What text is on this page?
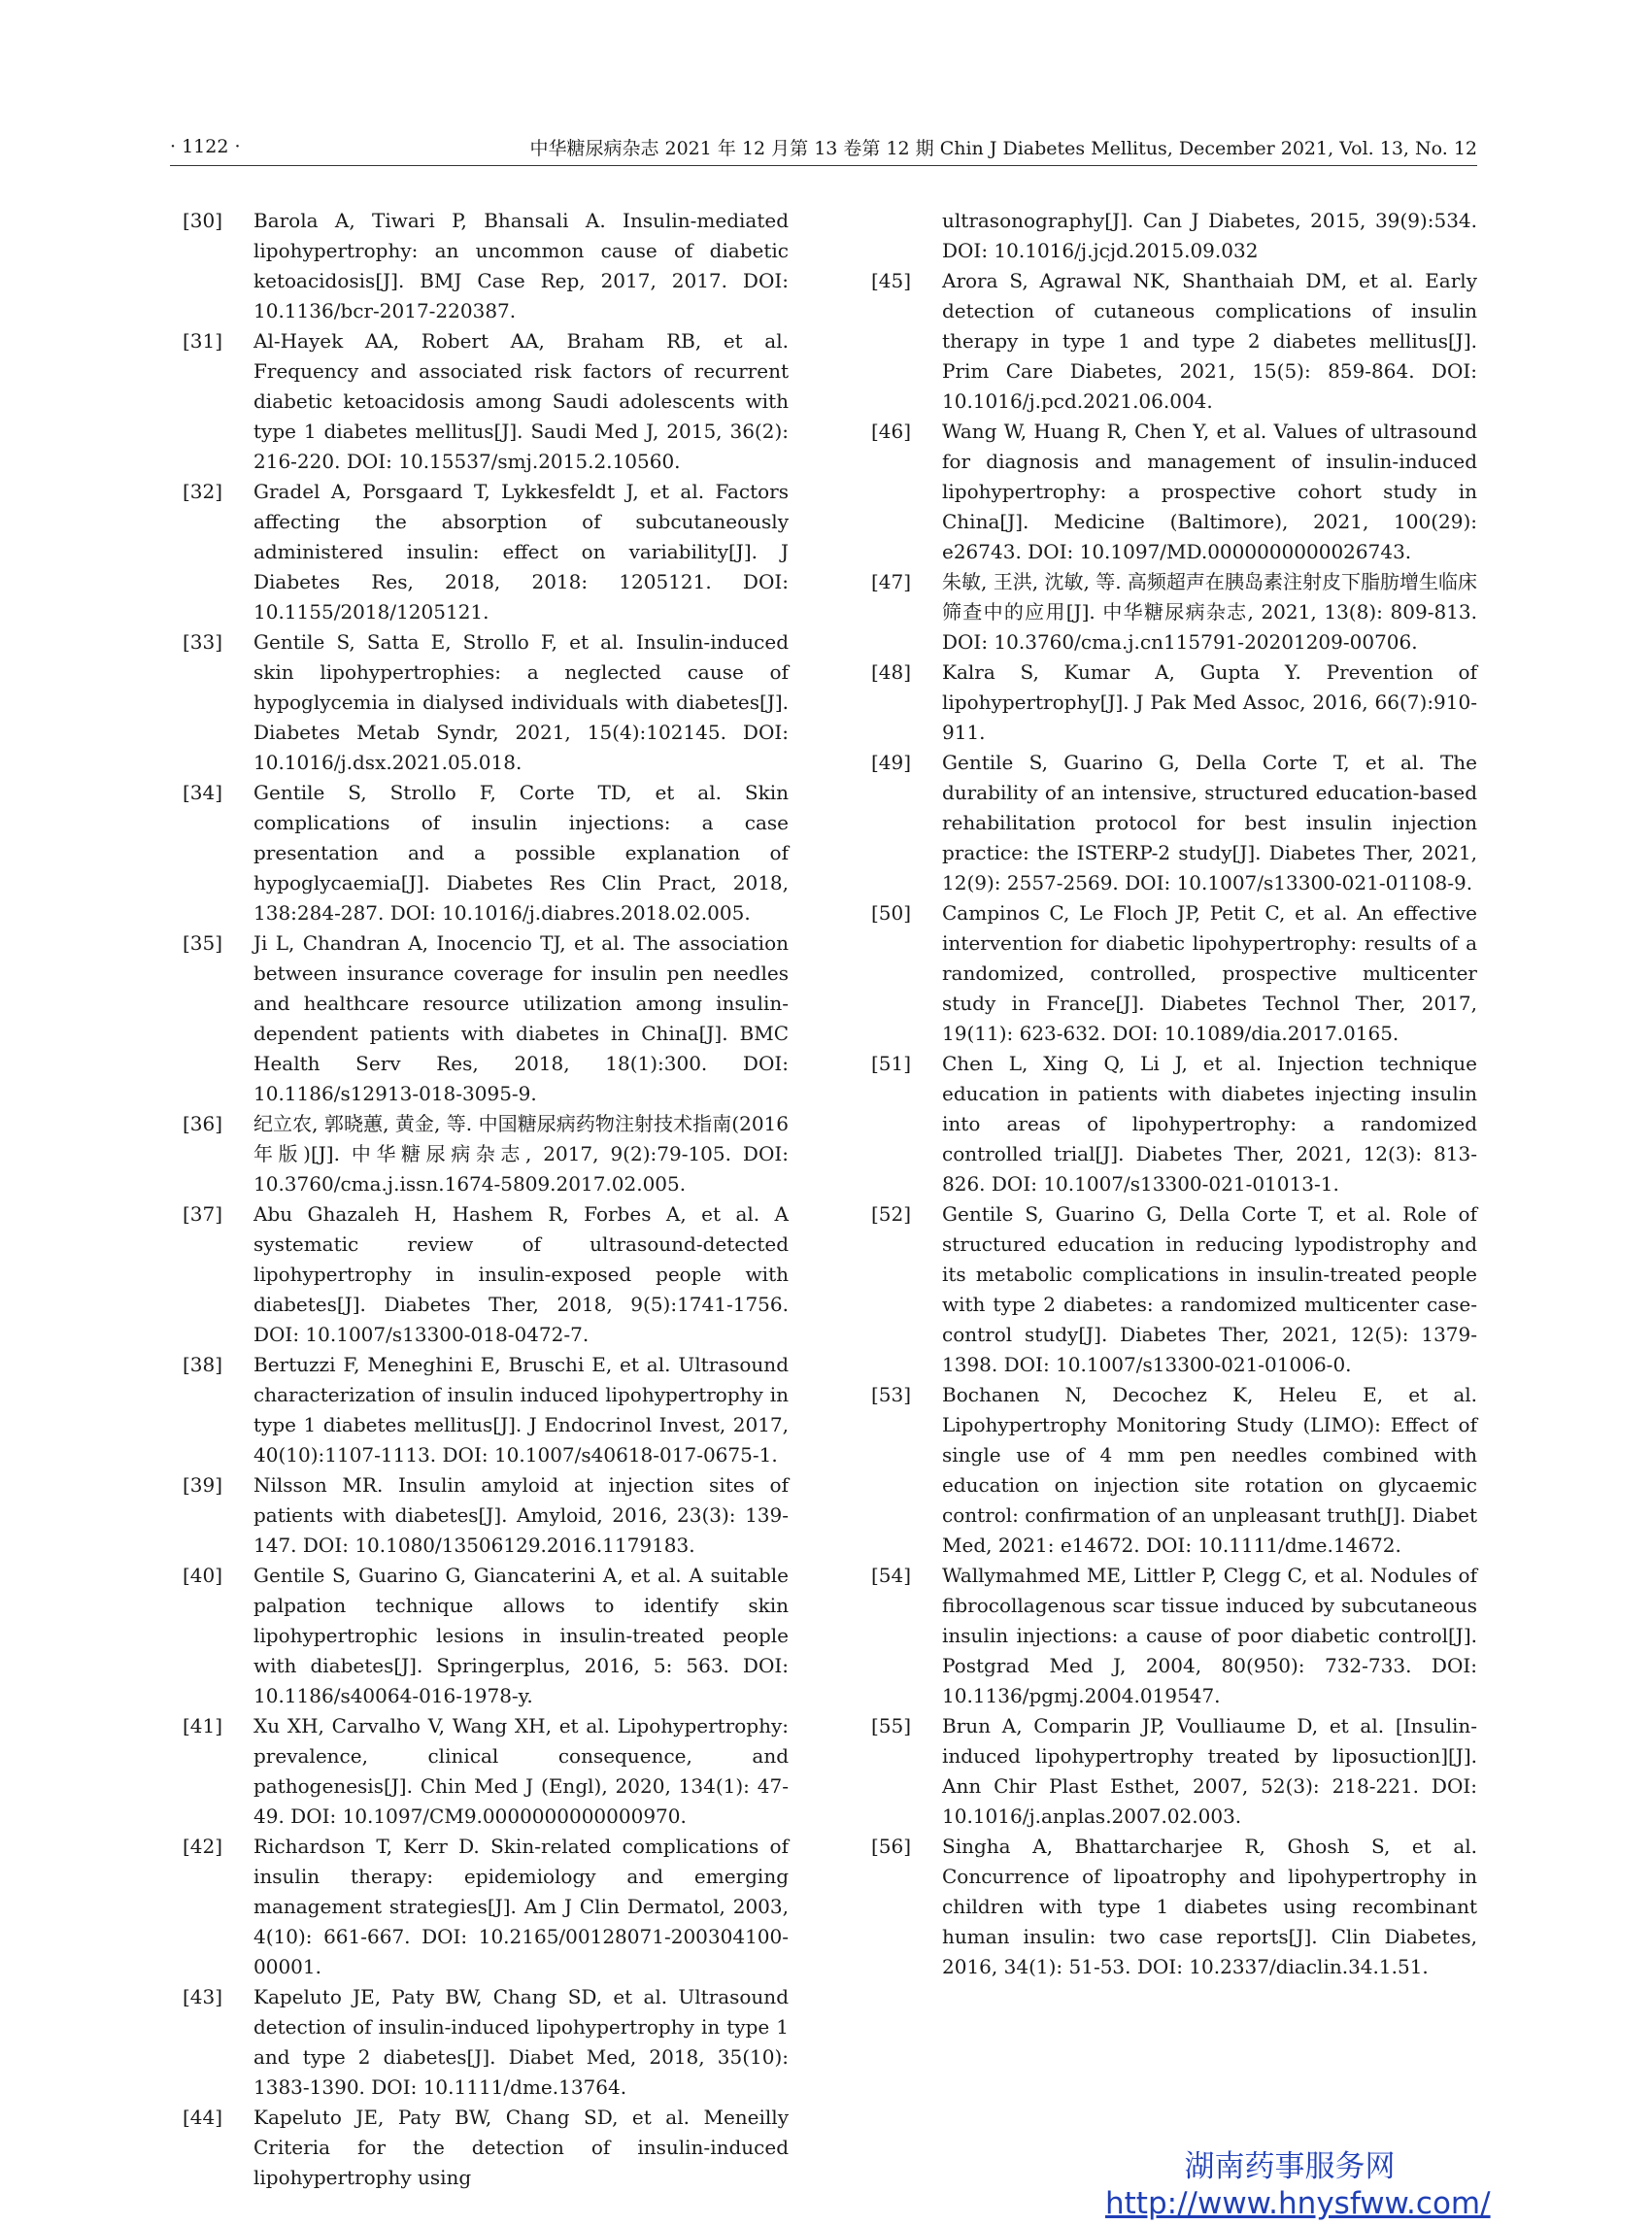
· 1122 ·	中华糖尿病杂志 2021 年 12 月第 13 卷第 12 期 Chin J Diabetes Mellitus, December 2021, Vol. 13, No. 12
[30] Barola A, Tiwari P, Bhansali A. Insulin-mediated lipohypertrophy: an uncommon cause of diabetic ketoacidosis[J]. BMJ Case Rep, 2017, 2017. DOI: 10.1136/bcr-2017-220387.
[31] Al-Hayek AA, Robert AA, Braham RB, et al. Frequency and associated risk factors of recurrent diabetic ketoacidosis among Saudi adolescents with type 1 diabetes mellitus[J]. Saudi Med J, 2015, 36(2): 216-220. DOI: 10.15537/smj.2015.2.10560.
[32] Gradel A, Porsgaard T, Lykkesfeldt J, et al. Factors affecting the absorption of subcutaneously administered insulin: effect on variability[J]. J Diabetes Res, 2018, 2018: 1205121. DOI: 10.1155/2018/1205121.
[33] Gentile S, Satta E, Strollo F, et al. Insulin-induced skin lipohypertrophies: a neglected cause of hypoglycemia in dialysed individuals with diabetes[J]. Diabetes Metab Syndr, 2021, 15(4):102145. DOI: 10.1016/j.dsx.2021.05.018.
[34] Gentile S, Strollo F, Corte TD, et al. Skin complications of insulin injections: a case presentation and a possible explanation of hypoglycaemia[J]. Diabetes Res Clin Pract, 2018, 138:284-287. DOI: 10.1016/j.diabres.2018.02.005.
[35] Ji L, Chandran A, Inocencio TJ, et al. The association between insurance coverage for insulin pen needles and healthcare resource utilization among insulin-dependent patients with diabetes in China[J]. BMC Health Serv Res, 2018, 18(1):300. DOI: 10.1186/s12913-018-3095-9.
[36] 纪立农, 郭晓蕙, 黄金, 等. 中国糖尿病药物注射技术指南(2016 年版)[J]. 中华糖尿病杂志, 2017, 9(2):79-105. DOI: 10.3760/cma.j.issn.1674-5809.2017.02.005.
[37] Abu Ghazaleh H, Hashem R, Forbes A, et al. A systematic review of ultrasound-detected lipohypertrophy in insulin-exposed people with diabetes[J]. Diabetes Ther, 2018, 9(5):1741-1756. DOI: 10.1007/s13300-018-0472-7.
[38] Bertuzzi F, Meneghini E, Bruschi E, et al. Ultrasound characterization of insulin induced lipohypertrophy in type 1 diabetes mellitus[J]. J Endocrinol Invest, 2017, 40(10):1107-1113. DOI: 10.1007/s40618-017-0675-1.
[39] Nilsson MR. Insulin amyloid at injection sites of patients with diabetes[J]. Amyloid, 2016, 23(3): 139-147. DOI: 10.1080/13506129.2016.1179183.
[40] Gentile S, Guarino G, Giancaterini A, et al. A suitable palpation technique allows to identify skin lipohypertrophic lesions in insulin-treated people with diabetes[J]. Springerplus, 2016, 5: 563. DOI: 10.1186/s40064-016-1978-y.
[41] Xu XH, Carvalho V, Wang XH, et al. Lipohypertrophy: prevalence, clinical consequence, and pathogenesis[J]. Chin Med J (Engl), 2020, 134(1): 47-49. DOI: 10.1097/CM9.0000000000000970.
[42] Richardson T, Kerr D. Skin-related complications of insulin therapy: epidemiology and emerging management strategies[J]. Am J Clin Dermatol, 2003, 4(10): 661-667. DOI: 10.2165/00128071-200304100-00001.
[43] Kapeluto JE, Paty BW, Chang SD, et al. Ultrasound detection of insulin-induced lipohypertrophy in type 1 and type 2 diabetes[J]. Diabet Med, 2018, 35(10): 1383-1390. DOI: 10.1111/dme.13764.
[44] Kapeluto JE, Paty BW, Chang SD, et al. Meneilly Criteria for the detection of insulin-induced lipohypertrophy using
ultrasonography[J]. Can J Diabetes, 2015, 39(9):534. DOI: 10.1016/j.jcjd.2015.09.032
[45] Arora S, Agrawal NK, Shanthaiah DM, et al. Early detection of cutaneous complications of insulin therapy in type 1 and type 2 diabetes mellitus[J]. Prim Care Diabetes, 2021, 15(5): 859-864. DOI: 10.1016/j.pcd.2021.06.004.
[46] Wang W, Huang R, Chen Y, et al. Values of ultrasound for diagnosis and management of insulin-induced lipohypertrophy: a prospective cohort study in China[J]. Medicine (Baltimore), 2021, 100(29): e26743. DOI: 10.1097/MD.0000000000026743.
[47] 朱敏, 王洪, 沈敏, 等. 高频超声在胰岛素注射皮下脂肪增生临床筛查中的应用[J]. 中华糖尿病杂志, 2021, 13(8): 809-813. DOI: 10.3760/cma.j.cn115791-20201209-00706.
[48] Kalra S, Kumar A, Gupta Y. Prevention of lipohypertrophy[J]. J Pak Med Assoc, 2016, 66(7):910-911.
[49] Gentile S, Guarino G, Della Corte T, et al. The durability of an intensive, structured education-based rehabilitation protocol for best insulin injection practice: the ISTERP-2 study[J]. Diabetes Ther, 2021, 12(9): 2557-2569. DOI: 10.1007/s13300-021-01108-9.
[50] Campinos C, Le Floch JP, Petit C, et al. An effective intervention for diabetic lipohypertrophy: results of a randomized, controlled, prospective multicenter study in France[J]. Diabetes Technol Ther, 2017, 19(11): 623-632. DOI: 10.1089/dia.2017.0165.
[51] Chen L, Xing Q, Li J, et al. Injection technique education in patients with diabetes injecting insulin into areas of lipohypertrophy: a randomized controlled trial[J]. Diabetes Ther, 2021, 12(3): 813-826. DOI: 10.1007/s13300-021-01013-1.
[52] Gentile S, Guarino G, Della Corte T, et al. Role of structured education in reducing lypodistrophy and its metabolic complications in insulin-treated people with type 2 diabetes: a randomized multicenter case-control study[J]. Diabetes Ther, 2021, 12(5): 1379-1398. DOI: 10.1007/s13300-021-01006-0.
[53] Bochanen N, Decochez K, Heleu E, et al. Lipohypertrophy Monitoring Study (LIMO): Effect of single use of 4 mm pen needles combined with education on injection site rotation on glycaemic control: confirmation of an unpleasant truth[J]. Diabet Med, 2021: e14672. DOI: 10.1111/dme.14672.
[54] Wallymahmed ME, Littler P, Clegg C, et al. Nodules of fibrocollagenous scar tissue induced by subcutaneous insulin injections: a cause of poor diabetic control[J]. Postgrad Med J, 2004, 80(950): 732-733. DOI: 10.1136/pgmj.2004.019547.
[55] Brun A, Comparin JP, Voulliaume D, et al. [Insulin-induced lipohypertrophy treated by liposuction][J]. Ann Chir Plast Esthet, 2007, 52(3): 218-221. DOI: 10.1016/j.anplas.2007.02.003.
[56] Singha A, Bhattarcharjee R, Ghosh S, et al. Concurrence of lipoatrophy and lipohypertrophy in children with type 1 diabetes using recombinant human insulin: two case reports[J]. Clin Diabetes, 2016, 34(1): 51-53. DOI: 10.2337/diaclin.34.1.51.
湖南药事服务网
http://www.hnysfww.com/
